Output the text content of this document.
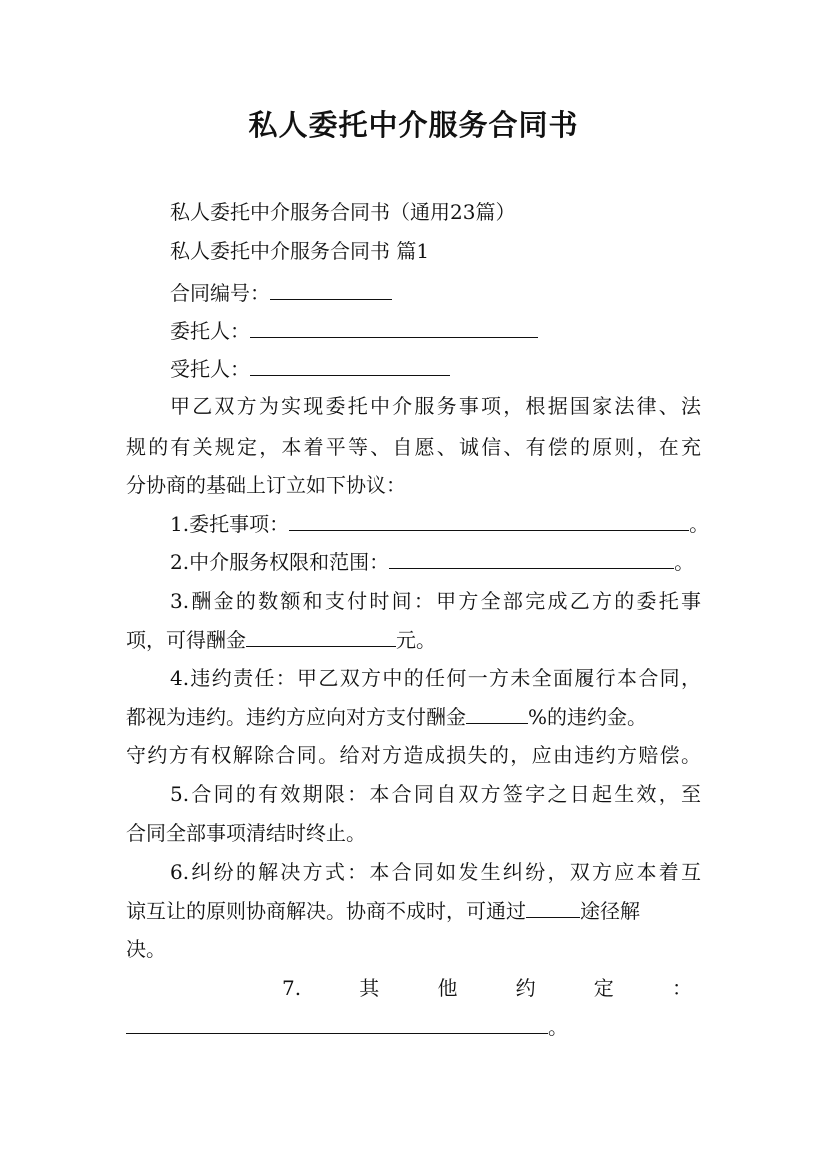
私人委托中介服务合同书
私人委托中介服务合同书（通用23篇）
私人委托中介服务合同书 篇1
合同编号：
委托人：
受托人：
甲乙双方为实现委托中介服务事项，根据国家法律、法
规的有关规定，本着平等、自愿、诚信、有偿的原则，在充
分协商的基础上订立如下协议：
1.委托事项：	。
2.中介服务权限和范围：	。
3.酬金的数额和支付时间：甲方全部完成乙方的委托事
项，可得酬金	元。
4.违约责任：甲乙双方中的任何一方未全面履行本合同，
都视为违约。违约方应向对方支付酬金	%的违约金。
守约方有权解除合同。给对方造成损失的，应由违约方赔偿。
5.合同的有效期限：本合同自双方签字之日起生效，至
合同全部事项清结时终止。
6.纠纷的解决方式：本合同如发生纠纷，双方应本着互
谅互让的原则协商解决。协商不成时，可通过	途径解
决。
7.	其	他	约	定	：
。
